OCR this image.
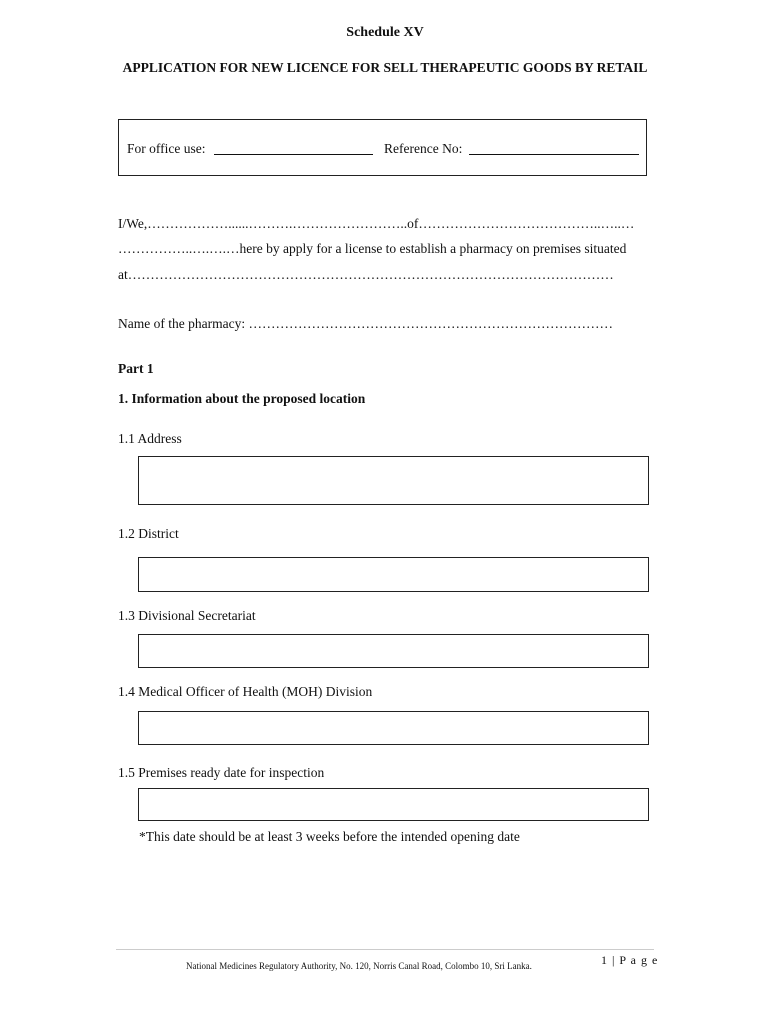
Schedule XV
APPLICATION FOR NEW LICENCE FOR SELL THERAPEUTIC GOODS BY RETAIL
For office use:	Reference No:
I/We,………………......……….……………………..of…………………………………..…..…
……………..….….…here by apply for a license to establish a pharmacy on premises situated
at………………………………………………………………………………………………
Name of the pharmacy: ………………………………………………………………………
Part 1
1. Information about the proposed location
1.1 Address
1.2 District
1.3 Divisional Secretariat
1.4 Medical Officer of Health (MOH) Division
1.5 Premises ready date for inspection
*This date should be at least 3 weeks before the intended opening date
National Medicines Regulatory Authority, No. 120, Norris Canal Road, Colombo 10, Sri Lanka.	1 | P a g e
